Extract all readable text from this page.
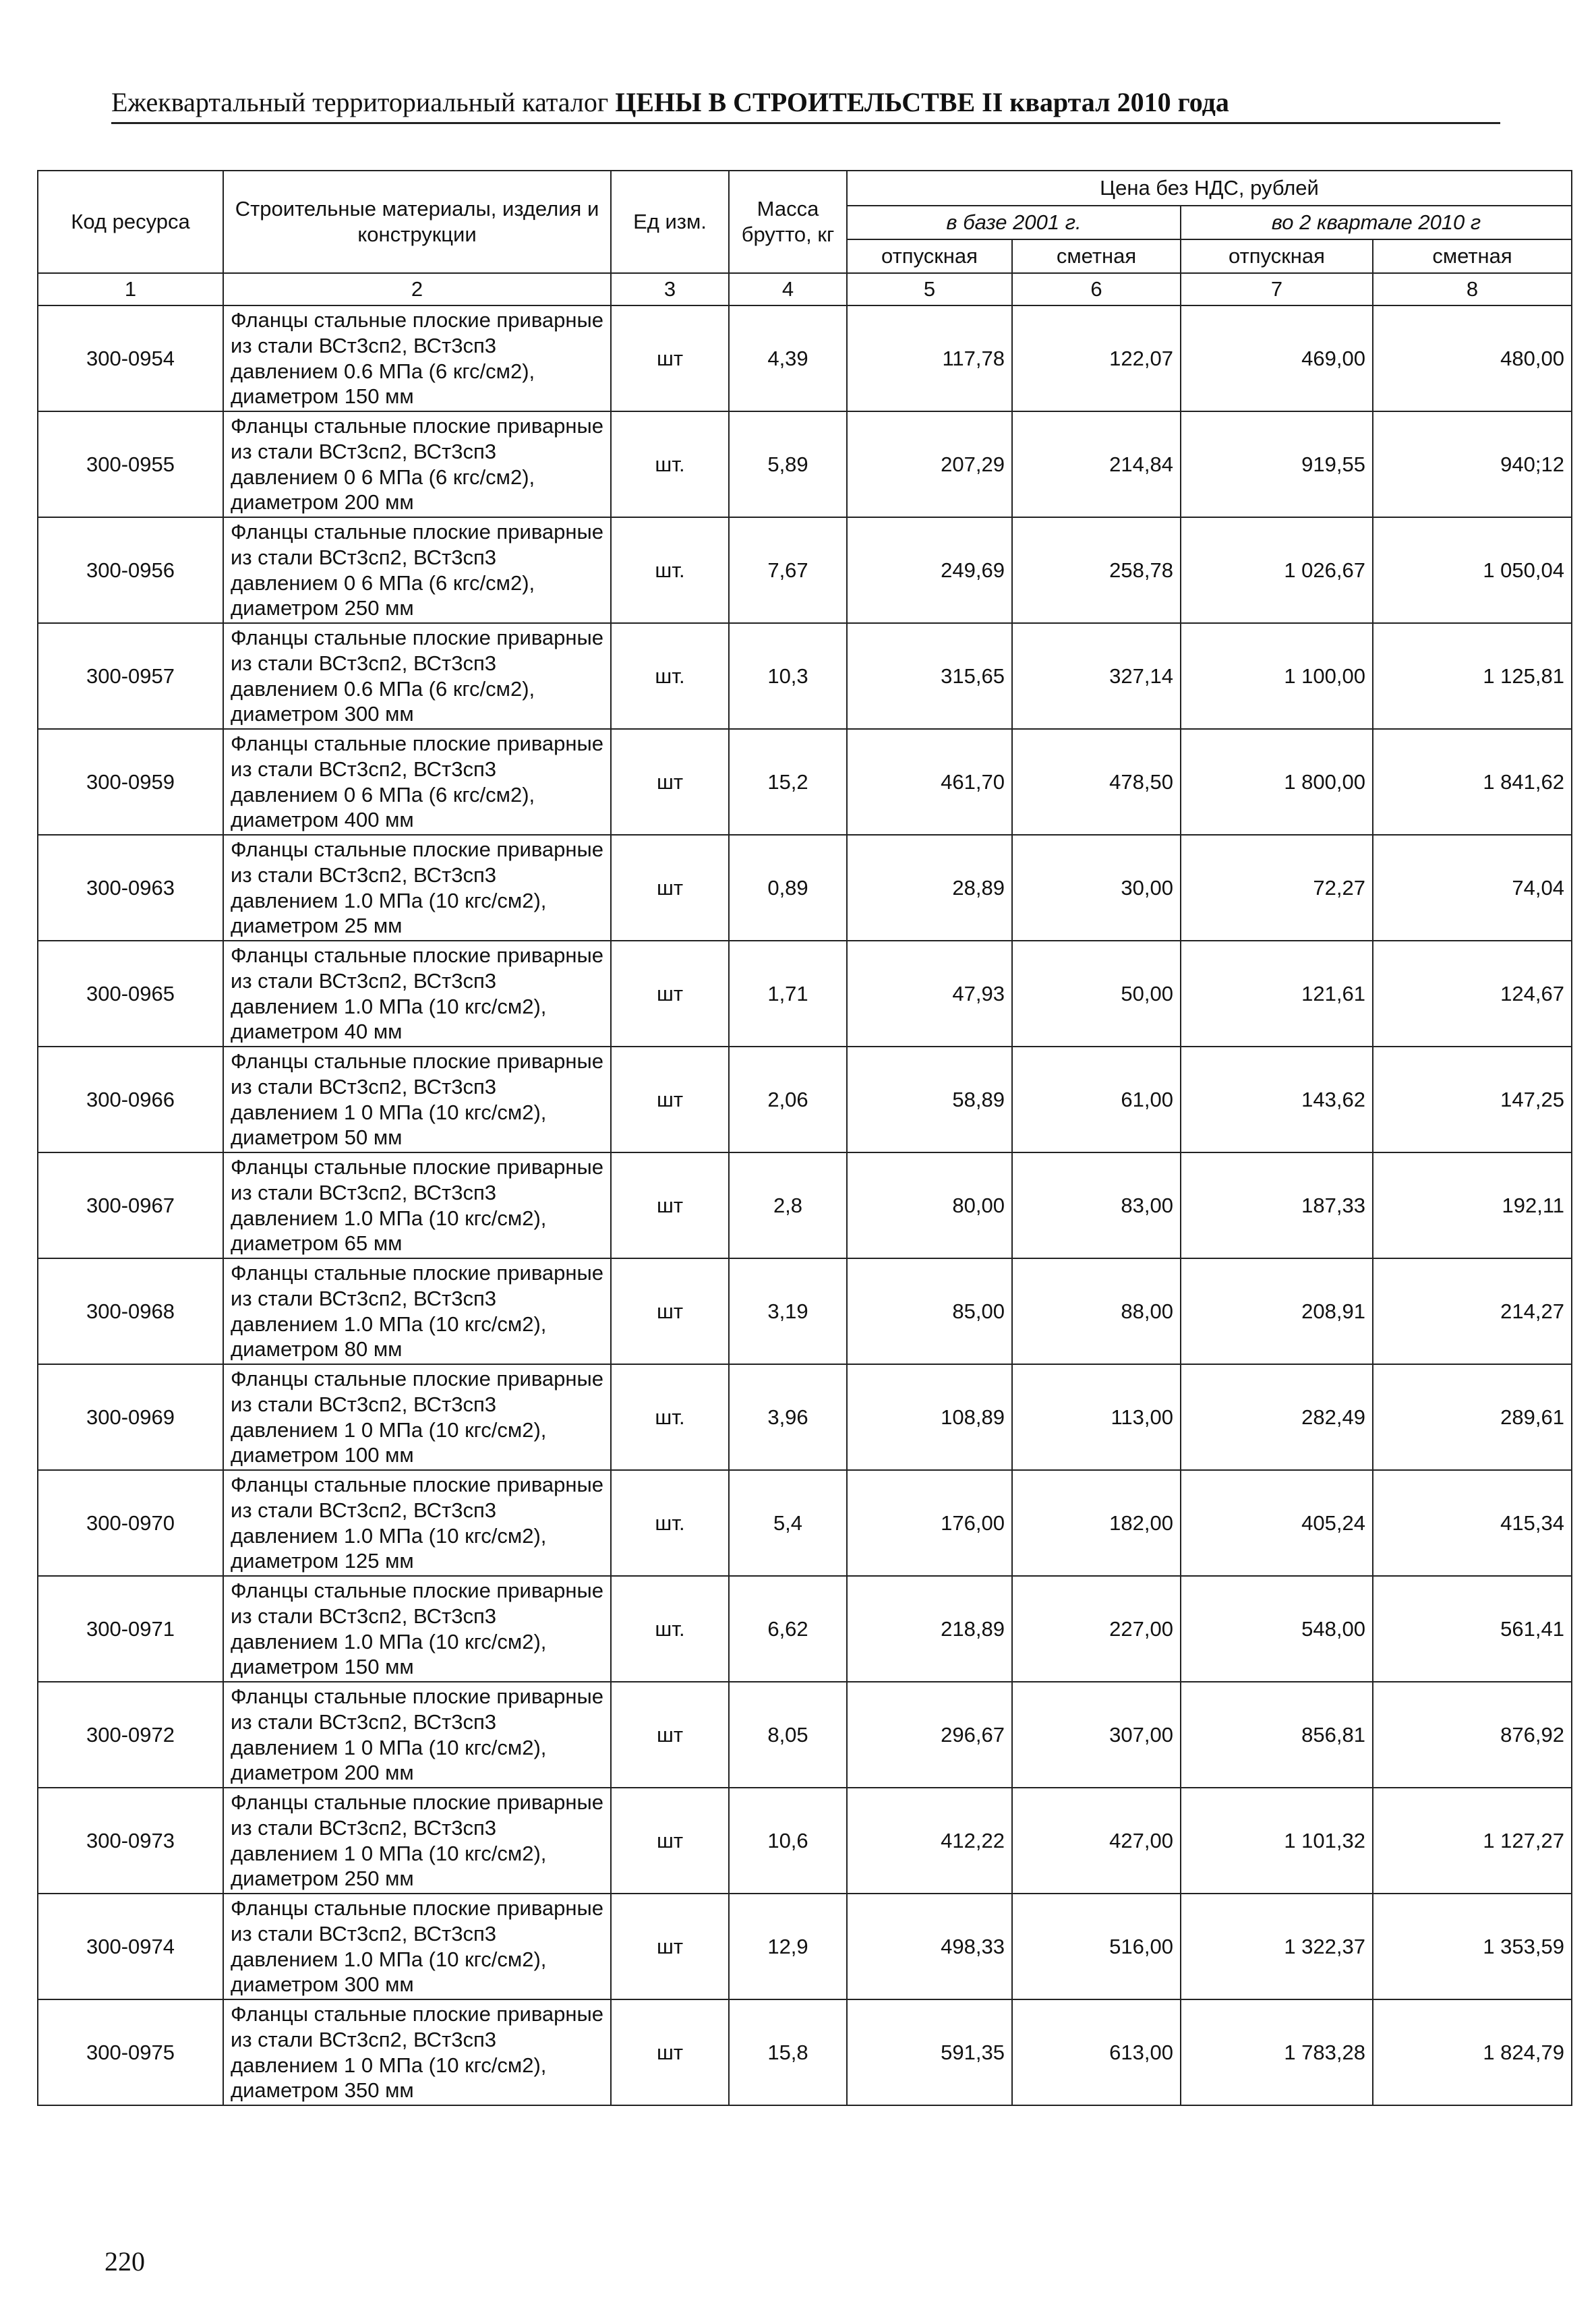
Ежеквартальный территориальный каталог ЦЕНЫ В СТРОИТЕЛЬСТВЕ II квартал 2010 года
Код ресурса	Строительные материалы, изделия и конструкции	Ед изм.	Масса брутто, кг	Цена без НДС, рублей			
				в базе 2001 г.		во 2 квартале 2010 г	
				отпускная	сметная	отпускная	сметная
1	2	3	4	5	6	7	8
300-0954	Фланцы стальные плоские приварные из стали ВСт3сп2, ВСт3сп3 давлением 0.6 МПа (6 кгс/см2), диаметром 150 мм	шт	4,39	117,78	122,07	469,00	480,00
300-0955	Фланцы стальные плоские приварные из стали ВСт3сп2, ВСт3сп3 давлением 0 6 МПа (6 кгс/см2), диаметром 200 мм	шт.	5,89	207,29	214,84	919,55	940;12
300-0956	Фланцы стальные плоские приварные из стали ВСт3сп2, ВСт3сп3 давлением 0 6 МПа (6 кгс/см2), диаметром 250 мм	шт.	7,67	249,69	258,78	1 026,67	1 050,04
300-0957	Фланцы стальные плоские приварные из стали ВСт3сп2, ВСт3сп3 давлением 0.6 МПа (6 кгс/см2), диаметром 300 мм	шт.	10,3	315,65	327,14	1 100,00	1 125,81
300-0959	Фланцы стальные плоские приварные из стали ВСт3сп2, ВСт3сп3 давлением 0 6 МПа (6 кгс/см2), диаметром 400 мм	шт	15,2	461,70	478,50	1 800,00	1 841,62
300-0963	Фланцы стальные плоские приварные из стали ВСт3сп2, ВСт3сп3 давлением 1.0 МПа (10 кгс/см2), диаметром 25 мм	шт	0,89	28,89	30,00	72,27	74,04
300-0965	Фланцы стальные плоские приварные из стали ВСт3сп2, ВСт3сп3 давлением 1.0 МПа (10 кгс/см2), диаметром 40 мм	шт	1,71	47,93	50,00	121,61	124,67
300-0966	Фланцы стальные плоские приварные из стали ВСт3сп2, ВСт3сп3 давлением 1 0 МПа (10 кгс/см2), диаметром 50 мм	шт	2,06	58,89	61,00	143,62	147,25
300-0967	Фланцы стальные плоские приварные из стали ВСт3сп2, ВСт3сп3 давлением 1.0 МПа (10 кгс/см2), диаметром 65 мм	шт	2,8	80,00	83,00	187,33	192,11
300-0968	Фланцы стальные плоские приварные из стали ВСт3сп2, ВСт3сп3 давлением 1.0 МПа (10 кгс/см2), диаметром 80 мм	шт	3,19	85,00	88,00	208,91	214,27
300-0969	Фланцы стальные плоские приварные из стали ВСт3сп2, ВСт3сп3 давлением 1 0 МПа (10 кгс/см2), диаметром 100 мм	шт.	3,96	108,89	113,00	282,49	289,61
300-0970	Фланцы стальные плоские приварные из стали ВСт3сп2, ВСт3сп3 давлением 1.0 МПа (10 кгс/см2), диаметром 125 мм	шт.	5,4	176,00	182,00	405,24	415,34
300-0971	Фланцы стальные плоские приварные из стали ВСт3сп2, ВСт3сп3 давлением 1.0 МПа (10 кгс/см2), диаметром 150 мм	шт.	6,62	218,89	227,00	548,00	561,41
300-0972	Фланцы стальные плоские приварные из стали ВСт3сп2, ВСт3сп3 давлением 1 0 МПа (10 кгс/см2), диаметром 200 мм	шт	8,05	296,67	307,00	856,81	876,92
300-0973	Фланцы стальные плоские приварные из стали ВСт3сп2, ВСт3сп3 давлением 1 0 МПа (10 кгс/см2), диаметром 250 мм	шт	10,6	412,22	427,00	1 101,32	1 127,27
300-0974	Фланцы стальные плоские приварные из стали ВСт3сп2, ВСт3сп3 давлением 1.0 МПа (10 кгс/см2), диаметром 300 мм	шт	12,9	498,33	516,00	1 322,37	1 353,59
300-0975	Фланцы стальные плоские приварные из стали ВСт3сп2, ВСт3сп3 давлением 1 0 МПа (10 кгс/см2), диаметром 350 мм	шт	15,8	591,35	613,00	1 783,28	1 824,79
220
